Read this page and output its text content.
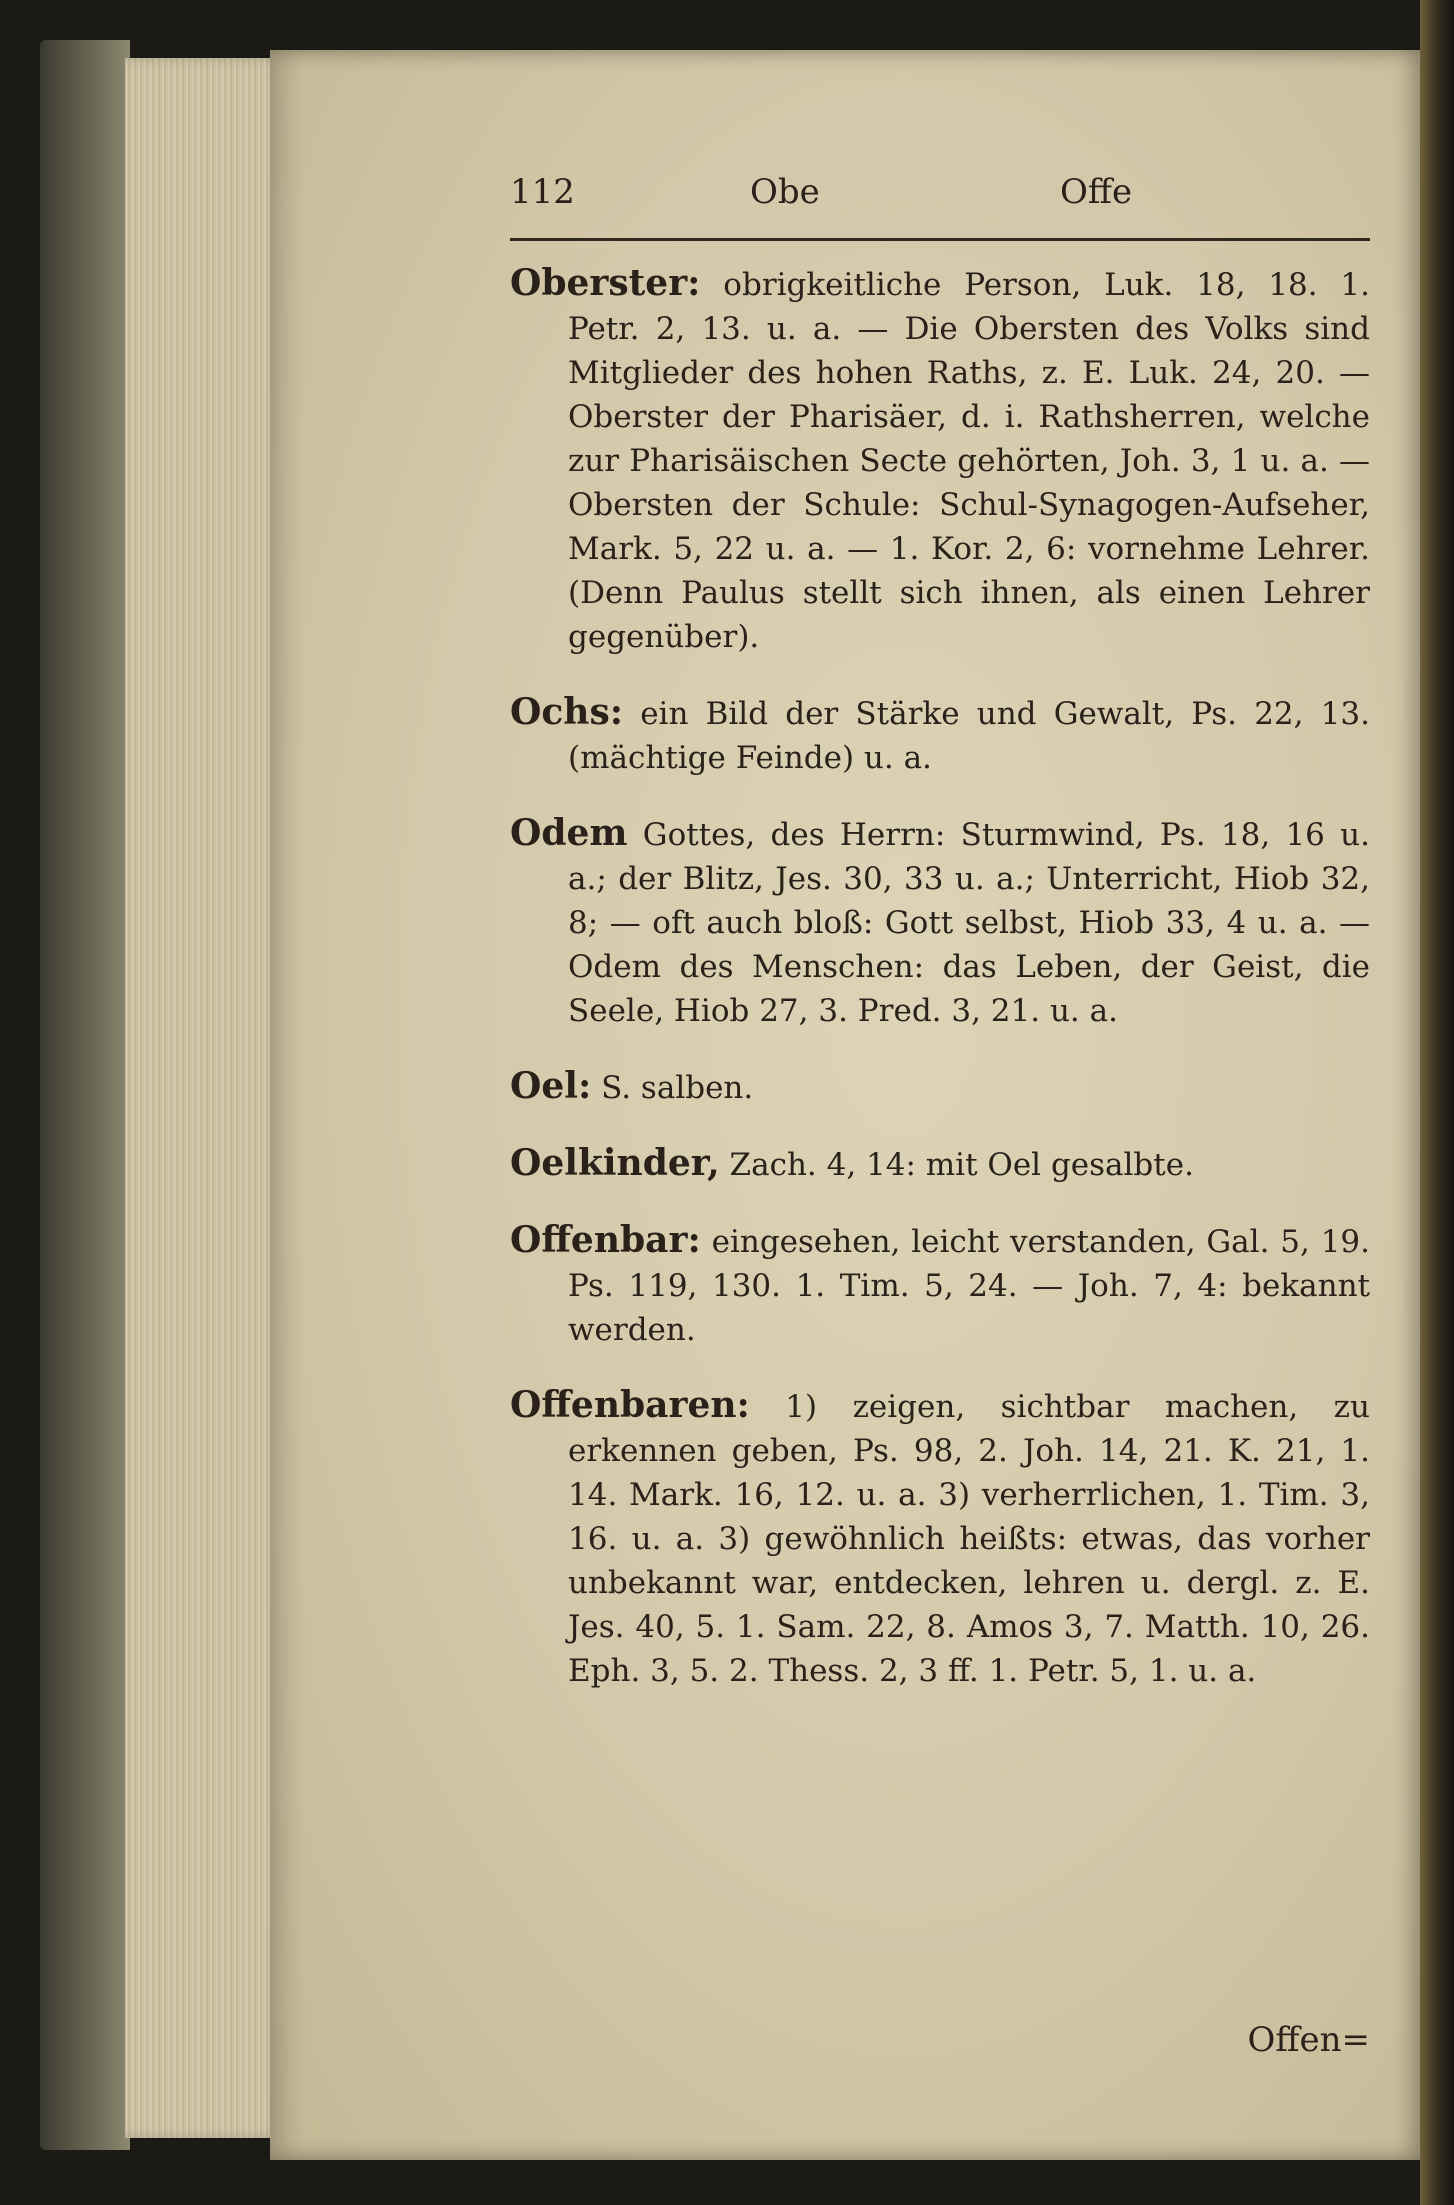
112	Obe	Offe

Oberster: obrigkeitliche Person, Luk. 18, 18. 1. Petr. 2, 13. u. a. — Die Obersten des Volks sind Mitglieder des hohen Raths, z. E. Luk. 24, 20. — Oberster der Pharisäer, d. i. Rathsherren, welche zur Pharisäischen Secte gehörten, Joh. 3, 1 u. a. — Obersten der Schule: Schul-Synagogen-Aufseher, Mark. 5, 22 u. a. — 1. Kor. 2, 6: vornehme Lehrer. (Denn Paulus stellt sich ihnen, als einen Lehrer gegenüber).

Ochs: ein Bild der Stärke und Gewalt, Ps. 22, 13. (mächtige Feinde) u. a.

Odem Gottes, des Herrn: Sturmwind, Ps. 18, 16 u. a.; der Blitz, Jes. 30, 33 u. a.; Unterricht, Hiob 32, 8; — oft auch bloß: Gott selbst, Hiob 33, 4 u. a. — Odem des Menschen: das Leben, der Geist, die Seele, Hiob 27, 3. Pred. 3, 21. u. a.

Oel: S. salben.

Oelkinder, Zach. 4, 14: mit Oel gesalbte.

Offenbar: eingesehen, leicht verstanden, Gal. 5, 19. Ps. 119, 130. 1. Tim. 5, 24. — Joh. 7, 4: bekannt werden.

Offenbaren: 1) zeigen, sichtbar machen, zu erkennen geben, Ps. 98, 2. Joh. 14, 21. K. 21, 1. 14. Mark. 16, 12. u. a. 3) verherrlichen, 1. Tim. 3, 16. u. a. 3) gewöhnlich heißts: etwas, das vorher unbekannt war, entdecken, lehren u. dergl. z. E. Jes. 40, 5. 1. Sam. 22, 8. Amos 3, 7. Matth. 10, 26. Eph. 3, 5. 2. Thess. 2, 3 ff. 1. Petr. 5, 1. u. a.

Offen=
